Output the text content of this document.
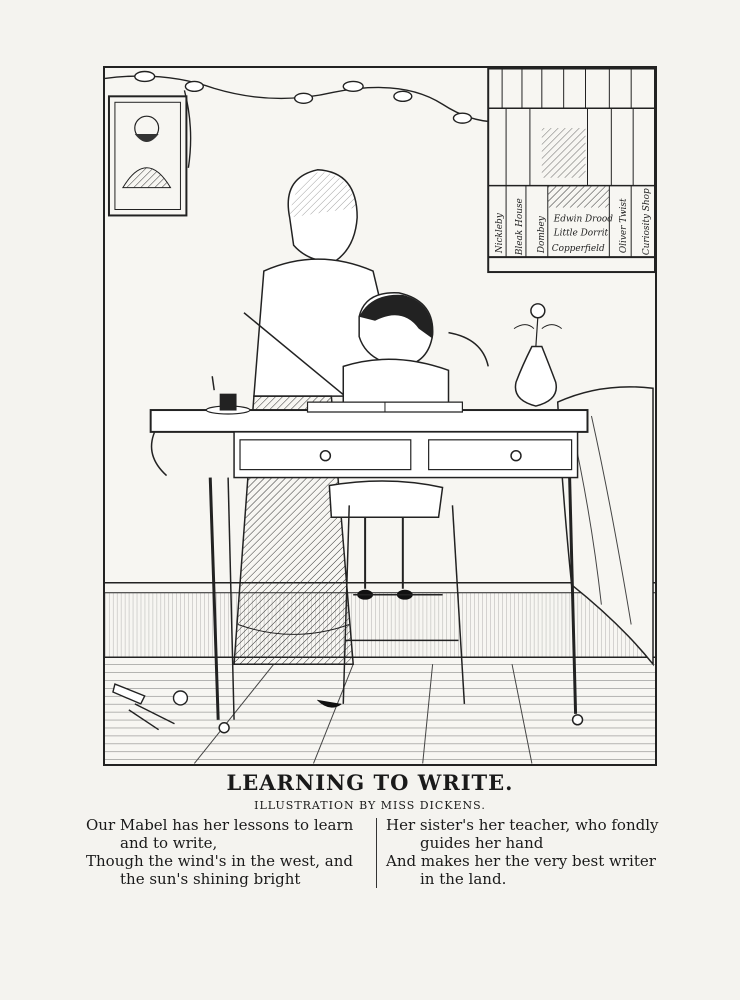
Nickleby Bleak House Dombey Edwin Drood
Little Dorrit
Copperfield Oliver Twist Curiosity Shop
LEARNING TO WRITE.
ILLUSTRATION BY MISS DICKENS.
Our Mabel has her lessons to learn
and to write,
Though the wind's in the west, and
the sun's shining bright
Her sister's her teacher, who fondly
guides her hand
And makes her the very best writer
in the land.
